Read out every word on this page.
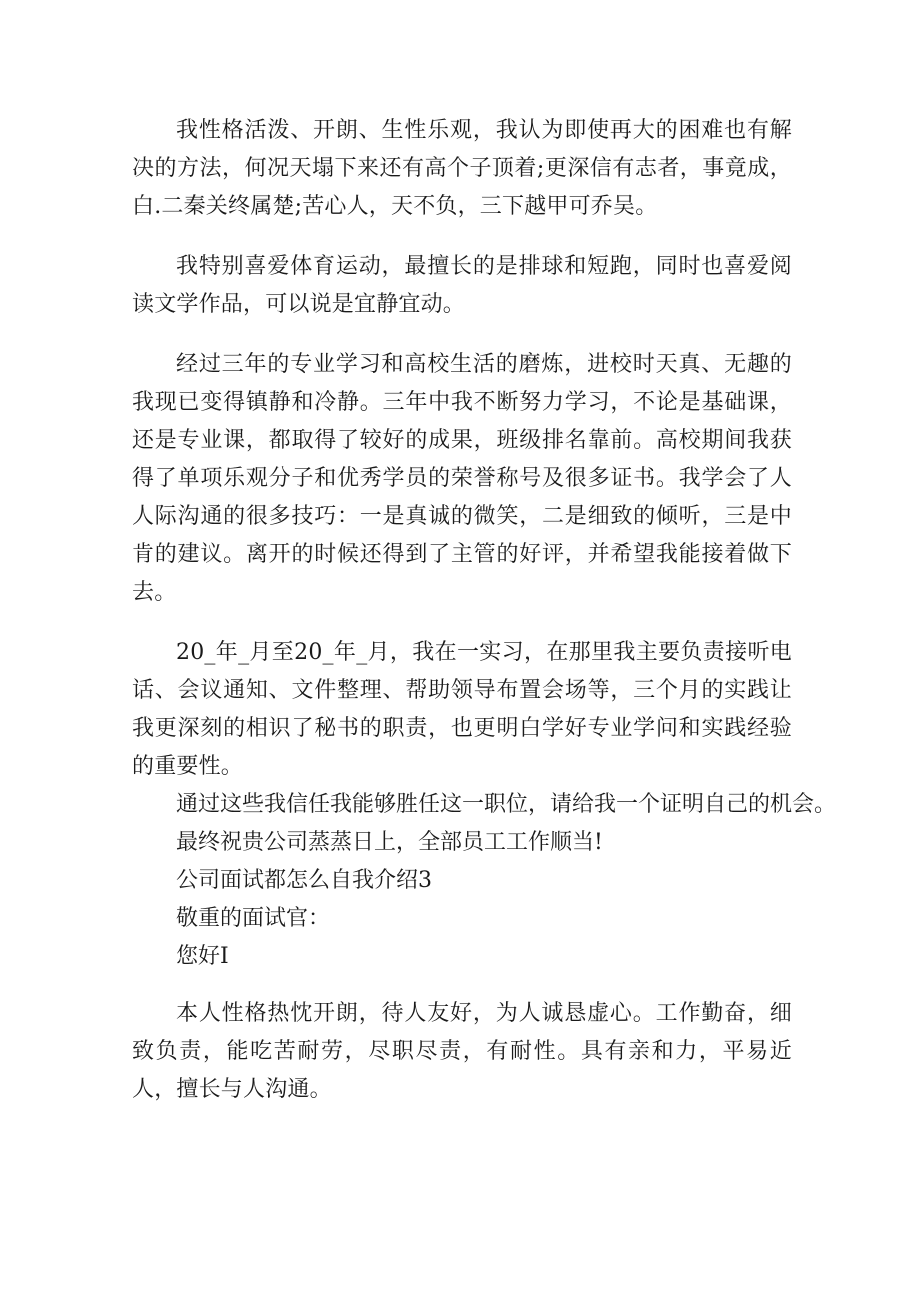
我性格活泼、开朗、生性乐观，我认为即使再大的困难也有解决的方法，何况天塌下来还有高个子顶着;更深信有志者，事竟成，白.二秦关终属楚;苦心人，天不负，三下越甲可乔吴。

我特别喜爱体育运动，最擅长的是排球和短跑，同时也喜爱阅读文学作品，可以说是宜静宜动。

经过三年的专业学习和高校生活的磨炼，进校时天真、无趣的我现已变得镇静和冷静。三年中我不断努力学习，不论是基础课，还是专业课，都取得了较好的成果，班级排名靠前。高校期间我获得了单项乐观分子和优秀学员的荣誉称号及很多证书。我学会了人人际沟通的很多技巧：一是真诚的微笑，二是细致的倾听，三是中肯的建议。离开的时候还得到了主管的好评，并希望我能接着做下去。

20_年_月至20_年_月，我在一实习，在那里我主要负责接听电话、会议通知、文件整理、帮助领导布置会场等，三个月的实践让我更深刻的相识了秘书的职责，也更明白学好专业学问和实践经验的重要性。

通过这些我信任我能够胜任这一职位，请给我一个证明自己的机会。

最终祝贵公司蒸蒸日上，全部员工工作顺当!

公司面试都怎么自我介绍3

敬重的面试官：

您好I

本人性格热忱开朗，待人友好，为人诚恳虚心。工作勤奋，细致负责，能吃苦耐劳，尽职尽责，有耐性。具有亲和力，平易近人，擅长与人沟通。
